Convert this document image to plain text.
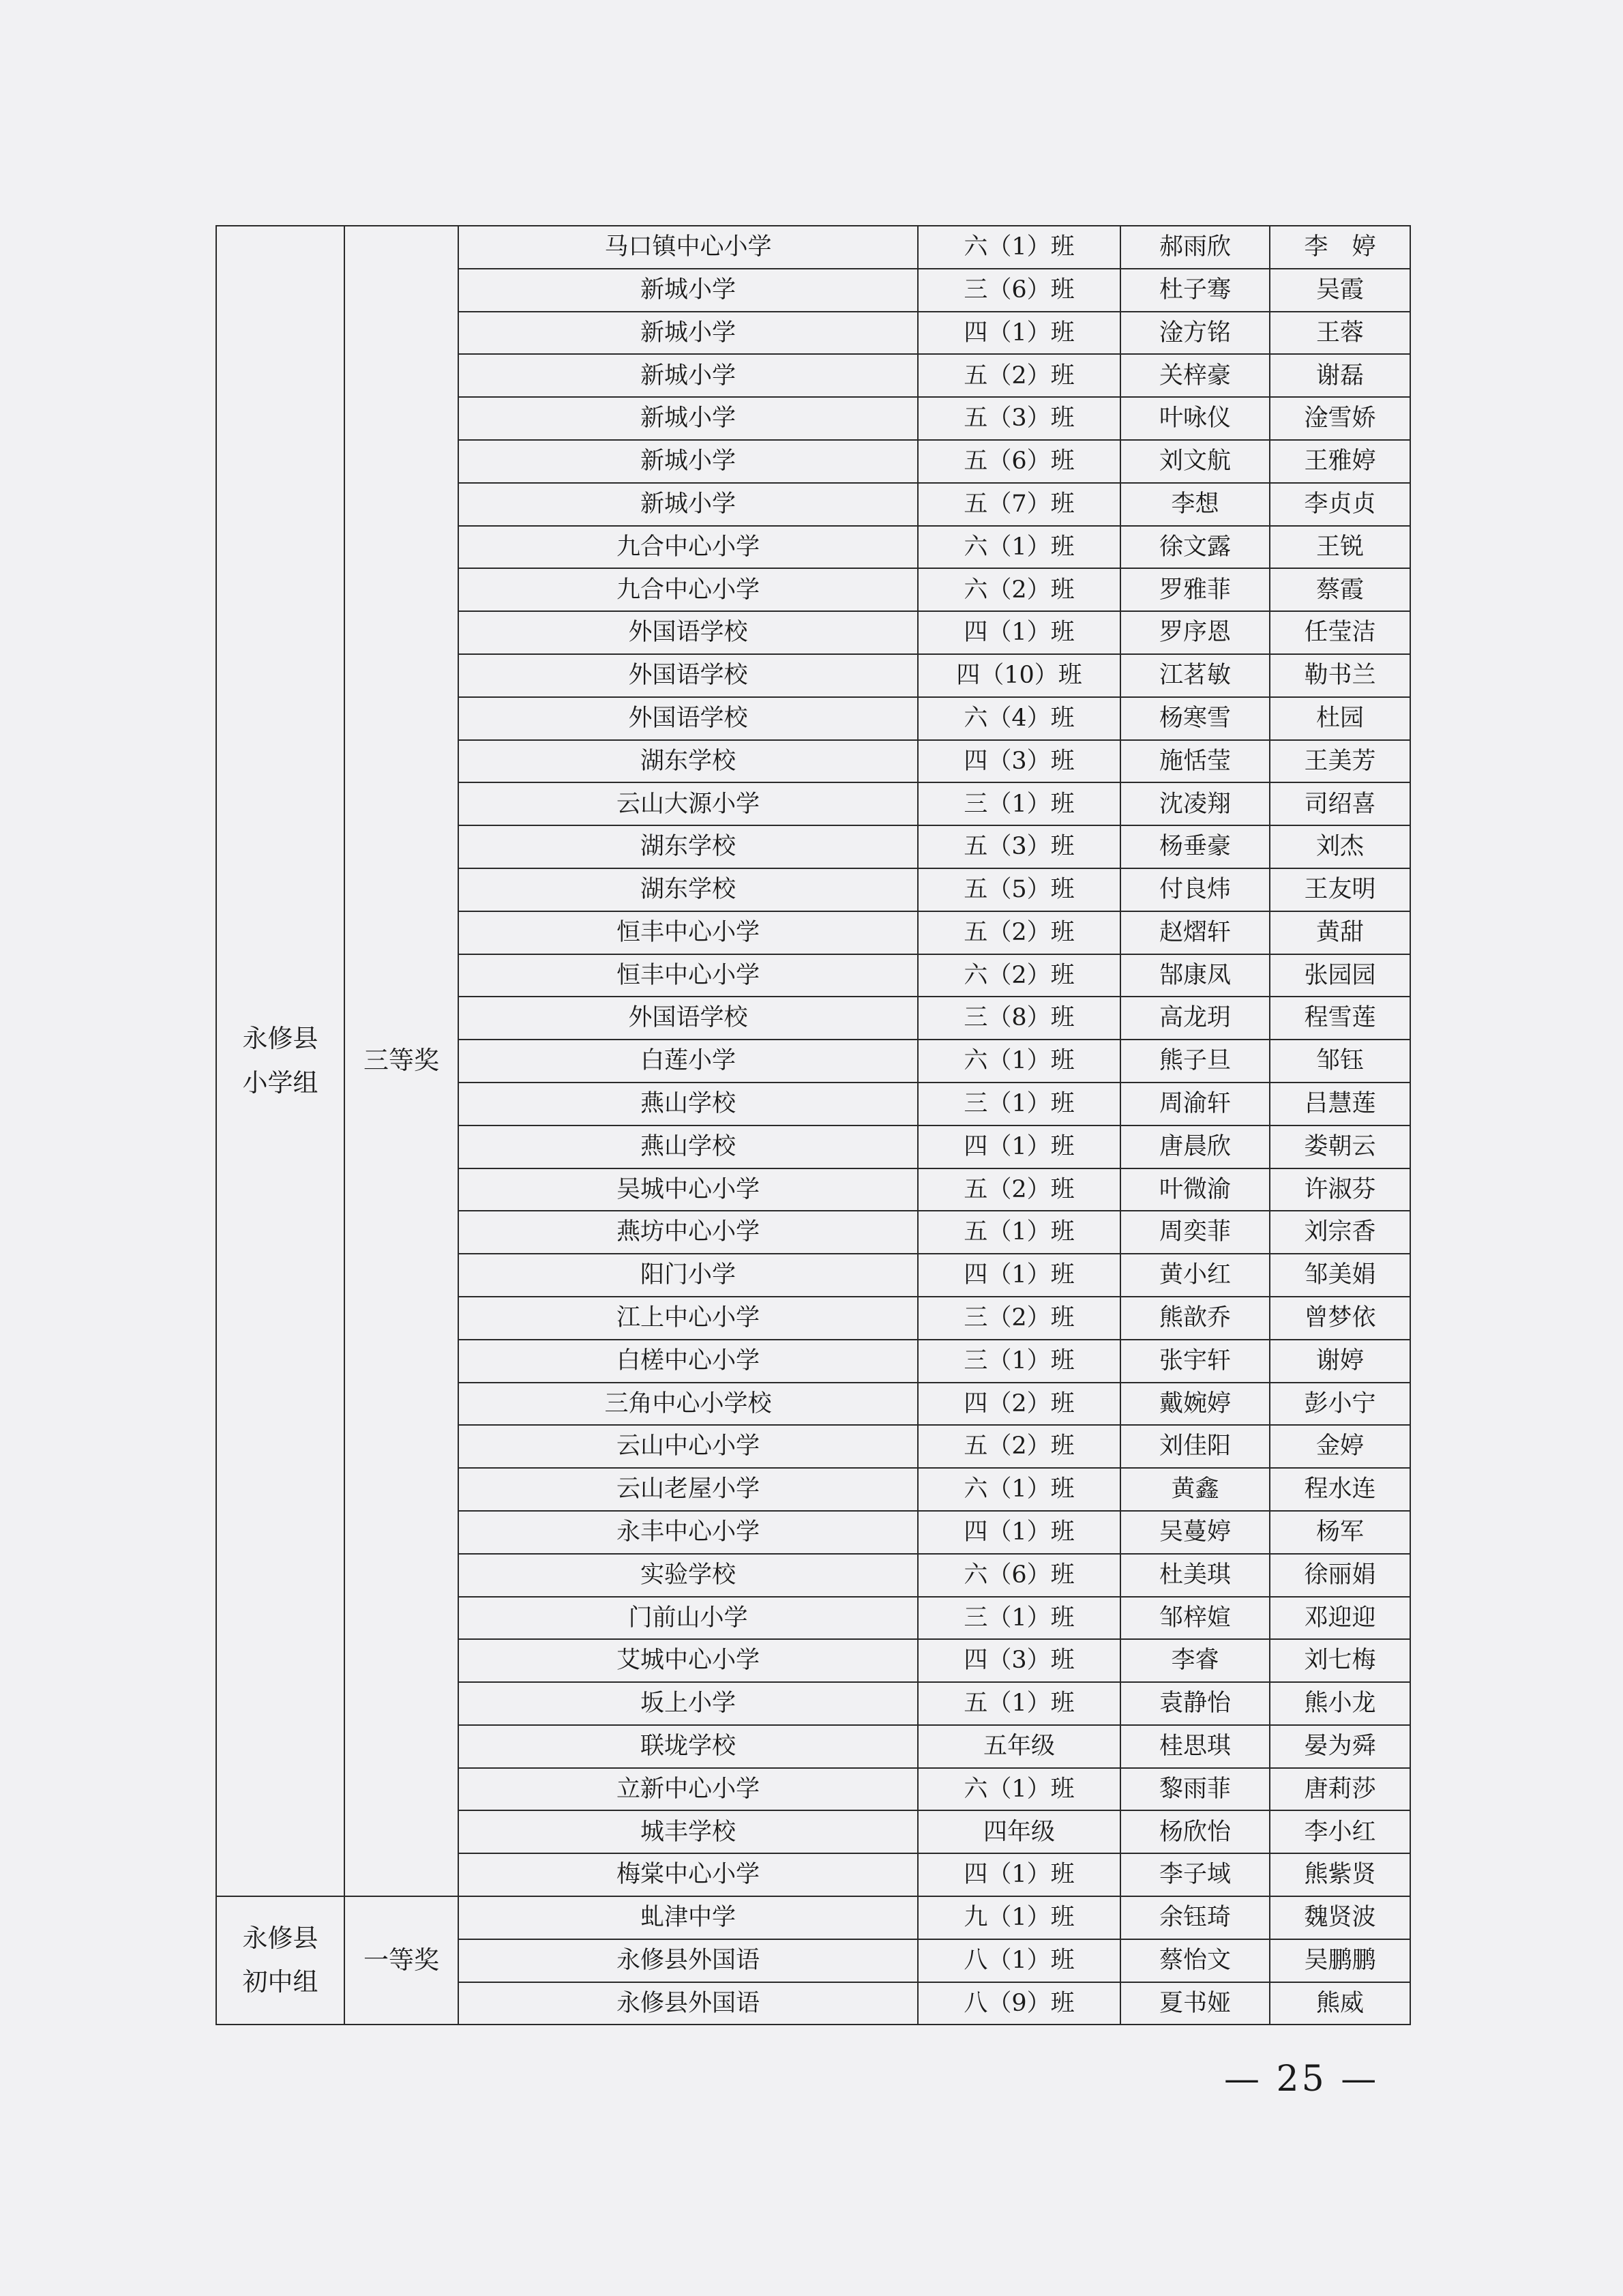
永修县
小学组	三等奖	马口镇中心小学	六（1）班	郝雨欣	李　婷
		新城小学	三（6）班	杜子骞	吴霞
		新城小学	四（1）班	淦方铭	王蓉
		新城小学	五（2）班	关梓豪	谢磊
		新城小学	五（3）班	叶咏仪	淦雪娇
		新城小学	五（6）班	刘文航	王雅婷
		新城小学	五（7）班	李想	李贞贞
		九合中心小学	六（1）班	徐文露	王锐
		九合中心小学	六（2）班	罗雅菲	蔡霞
		外国语学校	四（1）班	罗序恩	任莹洁
		外国语学校	四（10）班	江茗敏	勒书兰
		外国语学校	六（4）班	杨寒雪	杜园
		湖东学校	四（3）班	施恬莹	王美芳
		云山大源小学	三（1）班	沈凌翔	司绍喜
		湖东学校	五（3）班	杨垂豪	刘杰
		湖东学校	五（5）班	付良炜	王友明
		恒丰中心小学	五（2）班	赵熠轩	黄甜
		恒丰中心小学	六（2）班	郜康凤	张园园
		外国语学校	三（8）班	高龙玥	程雪莲
		白莲小学	六（1）班	熊子旦	邹钰
		燕山学校	三（1）班	周渝轩	吕慧莲
		燕山学校	四（1）班	唐晨欣	娄朝云
		吴城中心小学	五（2）班	叶微渝	许淑芬
		燕坊中心小学	五（1）班	周奕菲	刘宗香
		阳门小学	四（1）班	黄小红	邹美娟
		江上中心小学	三（2）班	熊歆乔	曾梦依
		白槎中心小学	三（1）班	张宇轩	谢婷
		三角中心小学校	四（2）班	戴婉婷	彭小宁
		云山中心小学	五（2）班	刘佳阳	金婷
		云山老屋小学	六（1）班	黄鑫	程水连
		永丰中心小学	四（1）班	吴蔓婷	杨军
		实验学校	六（6）班	杜美琪	徐丽娟
		门前山小学	三（1）班	邹梓媗	邓迎迎
		艾城中心小学	四（3）班	李睿	刘七梅
		坂上小学	五（1）班	袁静怡	熊小龙
		联垅学校	五年级	桂思琪	晏为舜
		立新中心小学	六（1）班	黎雨菲	唐莉莎
		城丰学校	四年级	杨欣怡	李小红
		梅棠中心小学	四（1）班	李子域	熊紫贤
永修县
初中组	一等奖	虬津中学	九（1）班	余钰琦	魏贤波
		永修县外国语	八（1）班	蔡怡文	吴鹏鹏
		永修县外国语	八（9）班	夏书娅	熊威
— 25 —
